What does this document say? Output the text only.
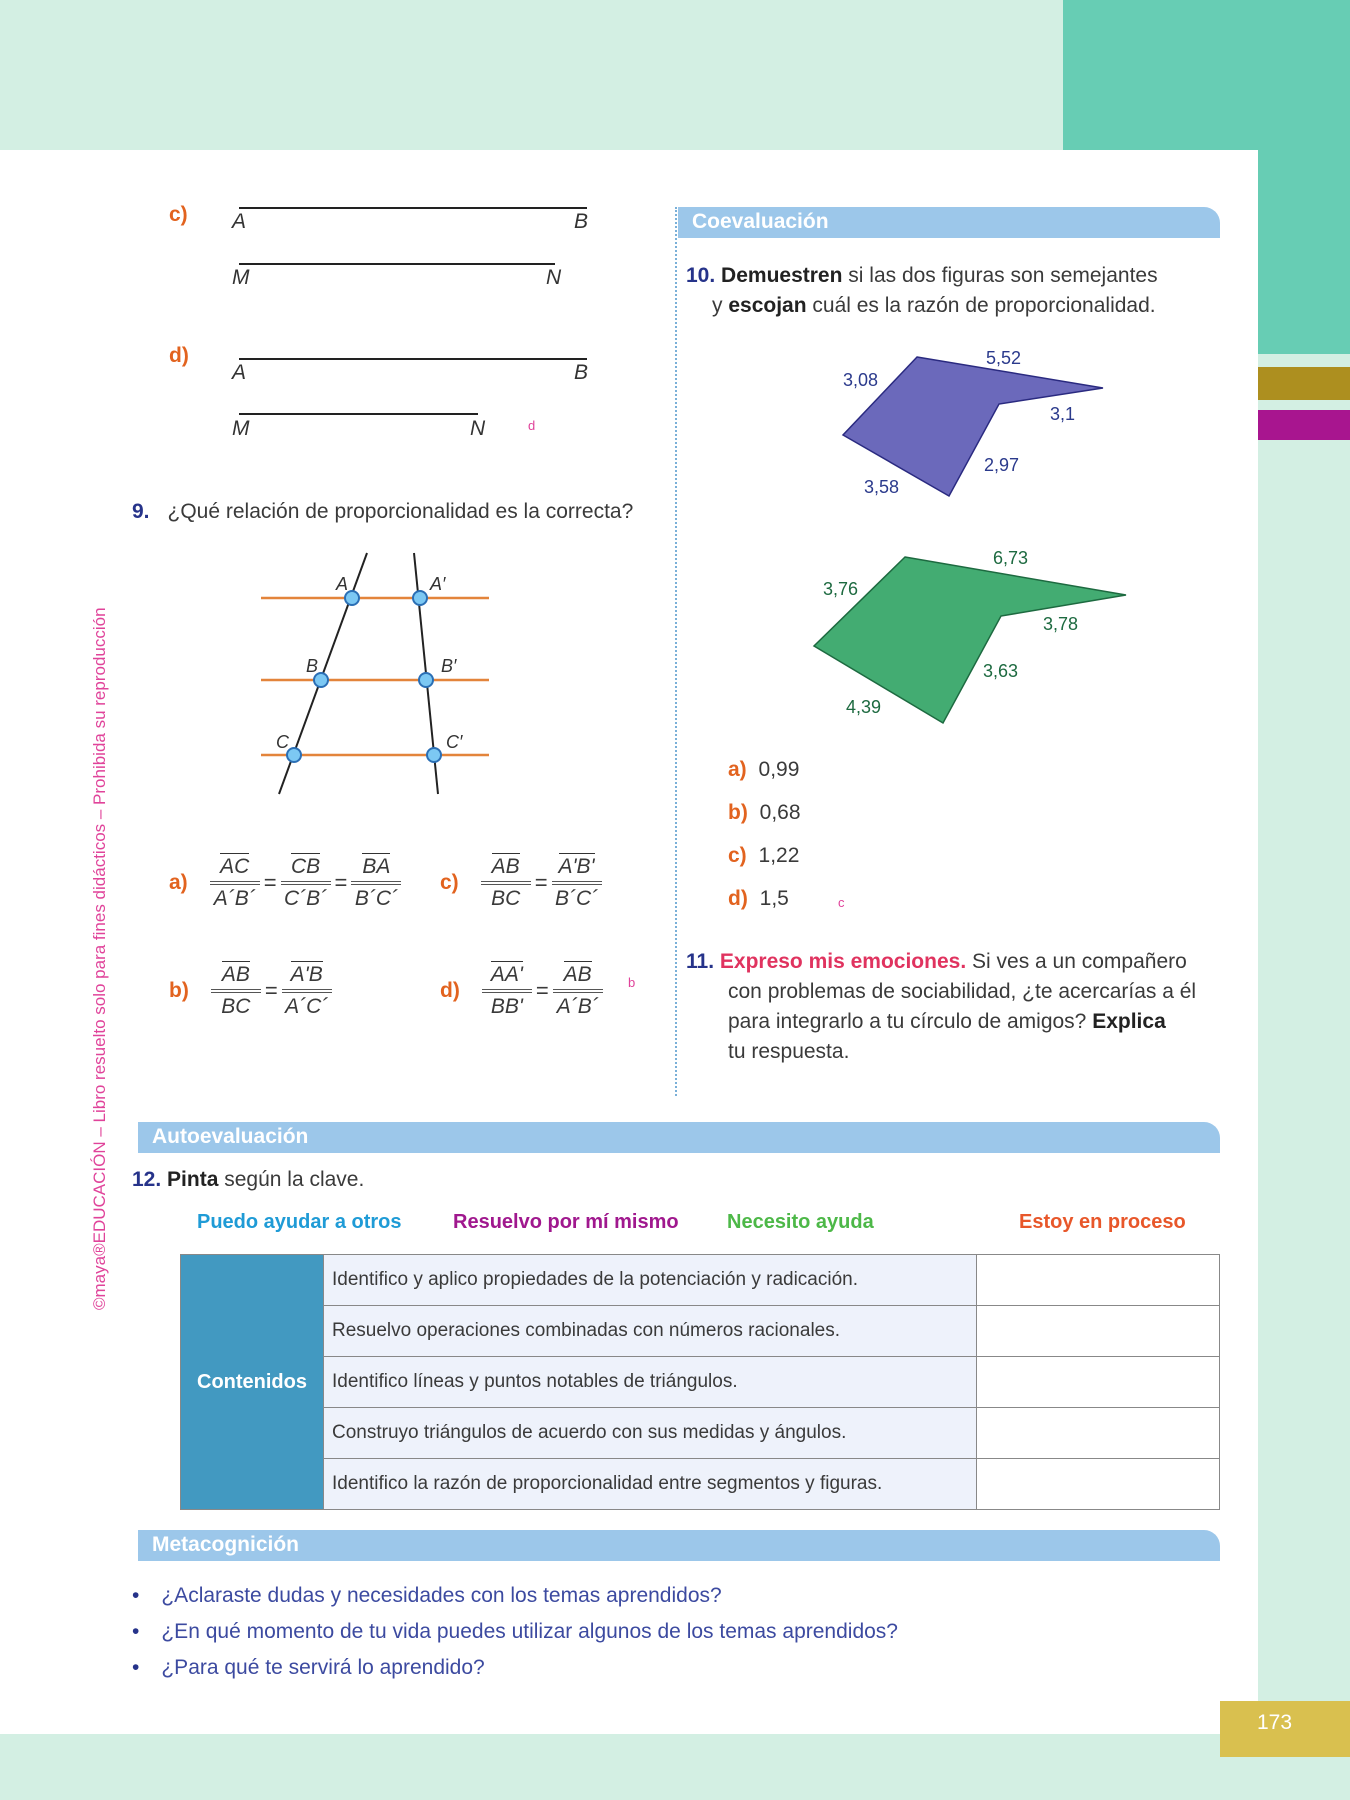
173
©maya®EDUCACIÓN – Libro resuelto solo para fines didácticos – Prohibida su reproducción
c) A	B
M	N
d)
A	B
M	N	d
9. ¿Qué relación de proporcionalidad es la correcta?
A	A′
B	B′
C	C′
$a) \frac{AC}{A´B´} = \frac{CB}{C´B´} = \frac{BA}{B´C´} c) \frac{AB}{BC} = \frac{A'B'}{B´C´}$
$b) \frac{AB}{BC} = \frac{A'B}{A´C´}$	$d) \frac{AA'}{BB'} = \frac{AB}{A´B´}$ b
Coevaluación
10. Demuestren si las dos figuras son semejantes
y escojan cuál es la razón de proporcionalidad.
5,52
3,08
3,1
2,97
3,58
6,73
3,76
3,78
3,63
4,39
a) 0,99
b) 0,68
c) 1,22
d) 1,5	c
11. Expreso mis emociones. Si ves a un compañero
con problemas de sociabilidad, ¿te acercarías a él
para integrarlo a tu círculo de amigos? Explica
tu respuesta.
Autoevaluación
12. Pinta según la clave.
Puedo ayudar a otros	Resuelvo por mí mismo Necesito ayuda	Estoy en proceso
Contenidos	Identifico y aplico propiedades de la potenciación y radicación.	
	Resuelvo operaciones combinadas con números racionales.	
	Identifico líneas y puntos notables de triángulos.	
	Construyo triángulos de acuerdo con sus medidas y ángulos.	
	Identifico la razón de proporcionalidad entre segmentos y figuras.	
Metacognición
• ¿Aclaraste dudas y necesidades con los temas aprendidos?
• ¿En qué momento de tu vida puedes utilizar algunos de los temas aprendidos?
• ¿Para qué te servirá lo aprendido?
